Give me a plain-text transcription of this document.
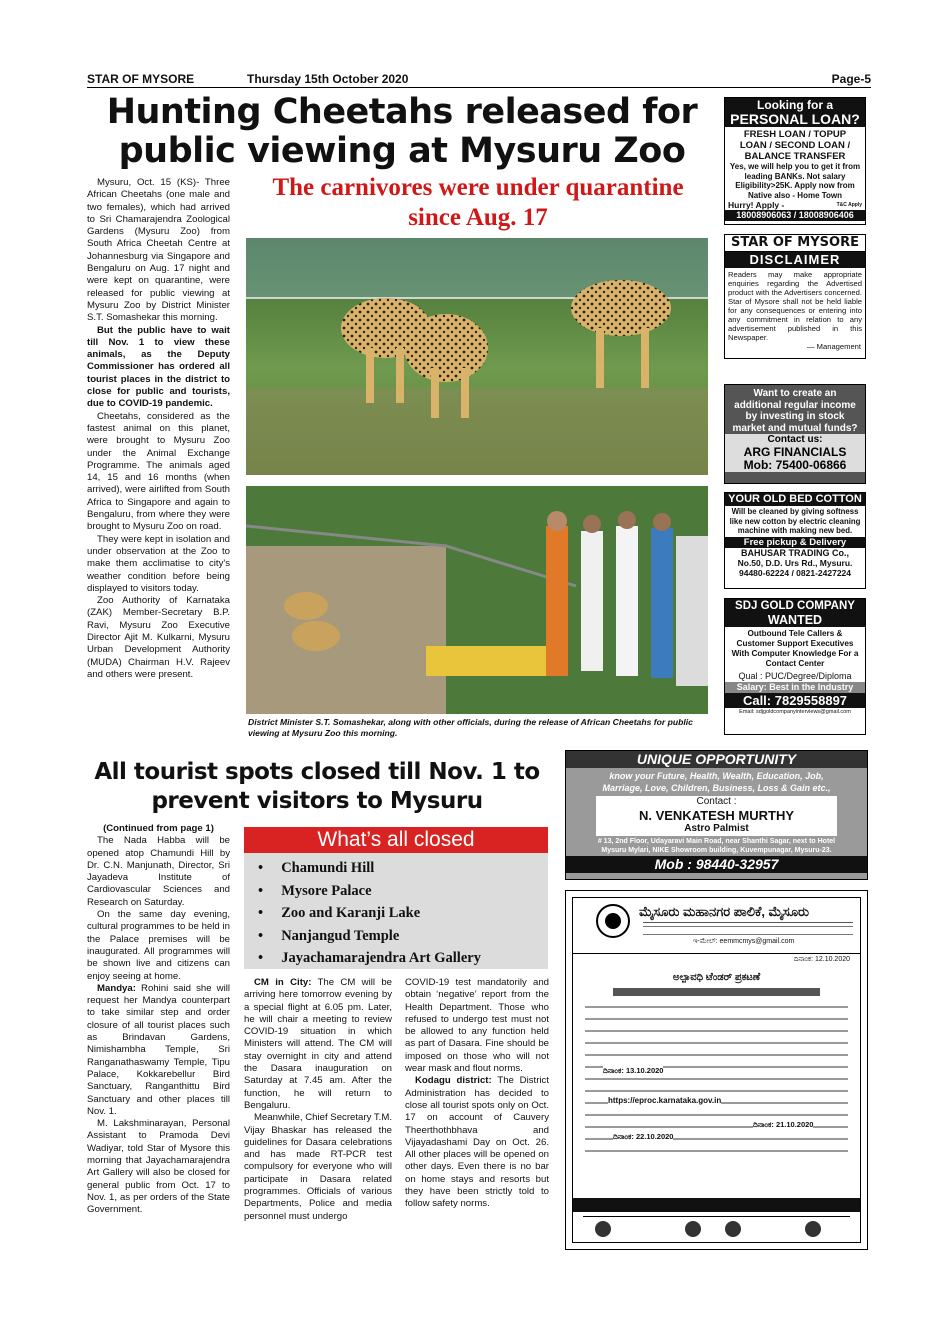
STAR OF MYSORE	Thursday 15th October 2020	Page-5
Hunting Cheetahs released for public viewing at Mysuru Zoo
The carnivores were under quarantine since Aug. 17

Mysuru, Oct. 15 (KS)- Three African Cheetahs (one male and two females), which had arrived to Sri Chamarajendra Zoological Gardens (Mysuru Zoo) from South Africa Cheetah Centre at Johannesburg via Singapore and Bengaluru on Aug. 17 night and were kept on quarantine, were released for public viewing at Mysuru Zoo by District Minister S.T. Somashekar this morning.

But the public have to wait till Nov. 1 to view these animals, as the Deputy Commissioner has ordered all tourist places in the district to close for public and tourists, due to COVID-19 pandemic.

Cheetahs, considered as the fastest animal on this planet, were brought to Mysuru Zoo under the Animal Exchange Programme. The animals aged 14, 15 and 16 months (when arrived), were airlifted from South Africa to Singapore and again to Bengaluru, from where they were brought to Mysuru Zoo on road.

They were kept in isolation and under observation at the Zoo to make them acclimatise to city's weather condition before being displayed to visitors today.

Zoo Authority of Karnataka (ZAK) Member-Secretary B.P. Ravi, Mysuru Zoo Executive Director Ajit M. Kulkarni, Mysuru Urban Development Authority (MUDA) Chairman H.V. Rajeev and others were present.

District Minister S.T. Somashekar, along with other officials, during the release of African Cheetahs for public viewing at Mysuru Zoo this morning.
Looking for a
PERSONAL LOAN?
FRESH LOAN / TOPUP
LOAN / SECOND LOAN /
BALANCE TRANSFER
Yes, we will help you to get it from leading BANKs. Not salary Eligibility>25K. Apply now from Native also - Home Town
Hurry! Apply -	T&C Apply
18008906063 / 18008906406
STAR OF MYSORE
DISCLAIMER
Readers may make appropriate enquiries regarding the Advertised product with the Advertisers concerned. Star of Mysore shall not be held liable for any consequences or entering into any commitment in relation to any advertisement published in this Newspaper.
— Management
Want to create an additional regular income by investing in stock market and mutual funds?
Contact us:
ARG FINANCIALS
Mob: 75400-06866
YOUR OLD BED COTTON
Will be cleaned by giving softness like new cotton by electric cleaning machine with making new bed.
Free pickup & Delivery
BAHUSAR TRADING Co.,
No.50, D.D. Urs Rd., Mysuru.
94480-62224 / 0821-2427224
SDJ GOLD COMPANY
WANTED
Outbound Tele Callers & Customer Support Executives With Computer Knowledge For a Contact Center
Qual : PUC/Degree/Diploma
Salary: Best in the Industry
Call: 7829558897
Email: sdjgoldcompanyinterviews@gmail.com
All tourist spots closed till Nov. 1 to prevent visitors to Mysuru
(Continued from page 1)

The Nada Habba will be opened atop Chamundi Hill by Dr. C.N. Manjunath, Director, Sri Jayadeva Institute of Cardiovascular Sciences and Research on Saturday.

On the same day evening, cultural programmes to be held in the Palace premises will be inaugurated. All programmes will be shown live and citizens can enjoy seeing at home.

Mandya: Rohini said she will request her Mandya counterpart to take similar step and order closure of all tourist places such as Brindavan Gardens, Nimishambha Temple, Sri Ranganathaswamy Temple, Tipu Palace, Kokkarebellur Bird Sanctuary, Ranganthittu Bird Sanctuary and other places till Nov. 1.

M. Lakshminarayan, Personal Assistant to Pramoda Devi Wadiyar, told Star of Mysore this morning that Jayachamarajendra Art Gallery will also be closed for general public from Oct. 17 to Nov. 1, as per orders of the State Government.

What’s all closed
•     Chamundi Hill
•     Mysore Palace
•     Zoo and Karanji Lake
•     Nanjangud Temple
•     Jayachamarajendra Art Gallery

CM in City: The CM will be arriving here tomorrow evening by a special flight at 6.05 pm. Later, he will chair a meeting to review COVID-19 situation in which Ministers will attend. The CM will stay overnight in city and attend the Dasara inauguration on Saturday at 7.45 am. After the function, he will return to Bengaluru.

Meanwhile, Chief Secretary T.M. Vijay Bhaskar has released the guidelines for Dasara celebrations and has made RT-PCR test compulsory for everyone who will participate in Dasara related programmes. Officials of various Departments, Police and media personnel must undergo

COVID-19 test mandatorily and obtain ‘negative’ report from the Health Department. Those who refused to undergo test must not be allowed to any function held as part of Dasara. Fine should be imposed on those who will not wear mask and flout norms.

Kodagu district: The District Administration has decided to close all tourist spots only on Oct. 17 on account of Cauvery Theerthothbhava and Vijayadashami Day on Oct. 26. All other places will be opened on other days. Even there is no bar on home stays and resorts but they have been strictly told to follow safety norms.

UNIQUE OPPORTUNITY
know your Future, Health, Wealth, Education, Job, Marriage, Love, Children, Business, Loss & Gain etc.,
Contact :
N. VENKATESH MURTHY
Astro Palmist
# 13, 2nd Floor, Udayaravi Main Road, near Shanthi Sagar, next to Hotel Mysuru Mylari, NIKE Showroom building, Kuvempunagar, Mysuru-23.
Mob : 98440-32957
ಮೈಸೂರು ಮಹಾನಗರ ಪಾಲಿಕೆ, ಮೈಸೂರು
ಇ-ಮೇಲ್: eemmcmys@gmail.com
ದಿನಾಂಕ: 12.10.2020
ಅಲ್ಪಾವಧಿ ಟೆಂಡರ್ ಪ್ರಕಟಣೆ
https://eproc.karnataka.gov.in
ದಿನಾಂಕ: 13.10.2020
ದಿನಾಂಕ: 21.10.2020
ದಿನಾಂಕ: 22.10.2020
